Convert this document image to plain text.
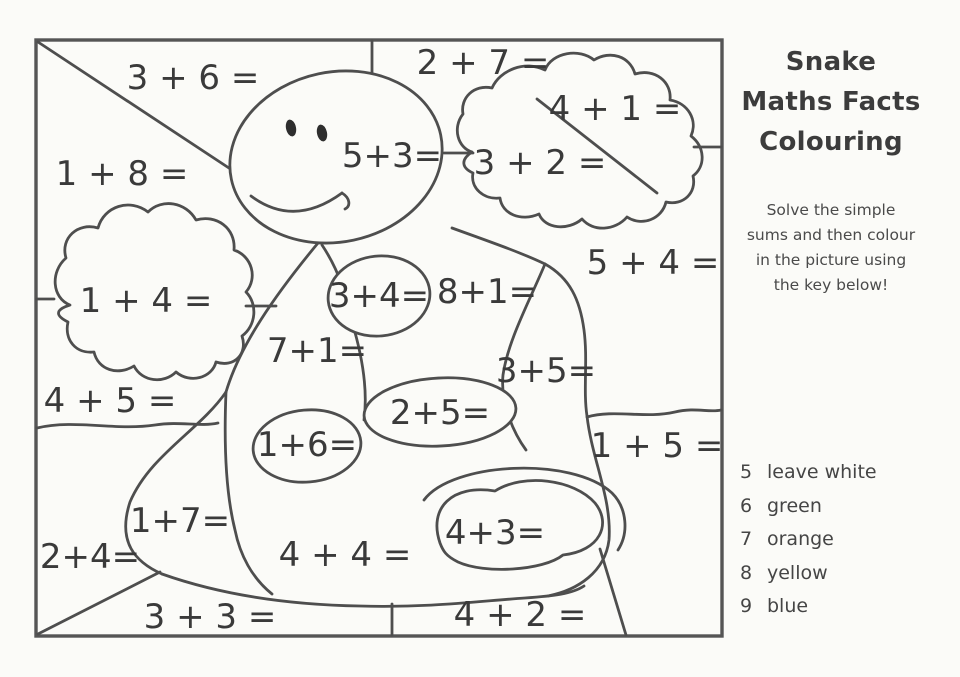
3 + 6 =	2 + 7 =
4 + 1 =
5+3= 3 + 2 =
1 + 8 =
5 + 4 =
1 + 4 =	3+4= 8+1=
7+1=	3+5=
4 + 5 =	2+5=
1+6=	1 + 5 =
1+7=
2+4=	4 + 4 =
4+3=
3 + 3 =	4 + 2 =
Snake
Maths Facts
Colouring
Solve the simple
sums and then colour
in the picture using
the key below!
5 leave white
6 green
7 orange
8 yellow
9 blue
